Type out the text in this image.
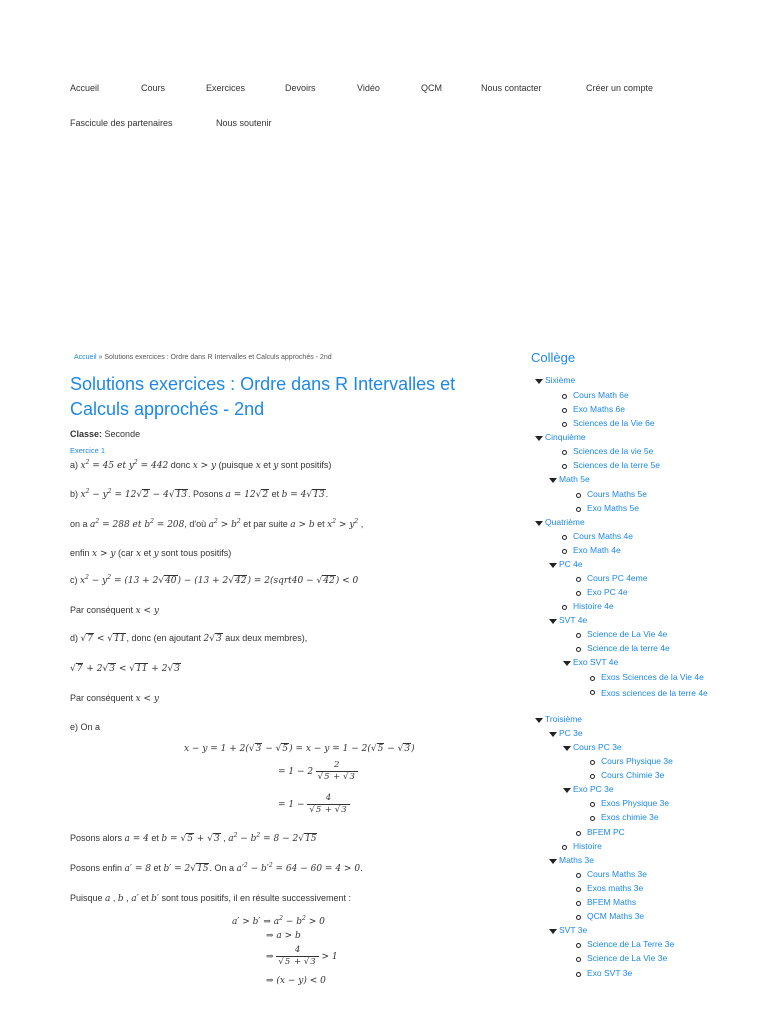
Accueil	Cours	Exercices	Devoirs	Vidéo	QCM	Nous contacter	Créer un compte
Fascicule des partenaires	Nous soutenir
Accueil » Solutions exercices : Ordre dans R Intervalles et Calculs approchés - 2nd
Solutions exercices : Ordre dans R Intervalles et Calculs approchés - 2nd
Classe: Seconde
Exercice 1
a) $x^2 = 45$ et $y^2 = 442$ donc x > y (puisque x et y sont positifs)
b) $x^2 - y^2 = 12√2 - 4√13$. Posons a = 12√2 et b = 4√13.
on a $a^2 = 288$ et $b^2 = 208$, d'où $a^2 > b^2$ et par suite a > b et $x^2 > y^2$ ,
enfin x > y (car x et y sont tous positifs)
c) $x^2 - y^2 = (13 + 2√40) - (13 + 2√42)$ = 2(sqrt40 − √42) < 0
Par conséquent x < y
d) √7 < √11, donc (en ajoutant 2√3 aux deux membres),
√7 + 2√3 < √11 + 2√3
Par conséquent x < y
e) On a
x − y = 1 + 2(√3 − √5) = x − y = 1 − 2(√5 − √3)
= $1 - 2 \frac{2}{√5 + √3}$
= $1 - \frac{4}{√5 + √3}$
Posons alors a = 4 et b = √5 + √3 , $a^2 - b^2 = 8 - 2√15$
Posons enfin a′ = 8 et b′ = 2√15. On a $a'^2 - b'^2 = 64 - 60 = 4 > 0$.
Puisque a , b , a′ et b′ sont tous positifs, il en résulte successivement :
a′ > b′ ⇒ $a^2 - b^2 > 0$
⇒ a > b
⇒ $\frac{4}{√5 + √3} > 1$
⇒ (x − y) < 0
Collège
Sixième
Cours Math 6e
Exo Maths 6e
Sciences de la Vie 6e
Cinquième
Sciences de la vie 5e
Sciences de la terre 5e
Math 5e
Cours Maths 5e
Exo Maths 5e
Quatrième
Cours Maths 4e
Exo Math 4e
PC 4e
Cours PC 4eme
Exo PC 4e
Histoire 4e
SVT 4e
Science de La Vie 4e
Science de la terre 4e
Exo SVT 4e
Exos Sciences de la Vie 4e
Exos sciences de la terre 4e
Troisième
PC 3e
Cours PC 3e
Cours Physique 3e
Cours Chimie 3e
Exo PC 3e
Exos Physique 3e
Exos chimie 3e
BFEM PC
Histoire
Maths 3e
Cours Maths 3e
Exos maths 3e
BFEM Maths
QCM Maths 3e
SVT 3e
Science de La Terre 3e
Science de La Vie 3e
Exo SVT 3e
